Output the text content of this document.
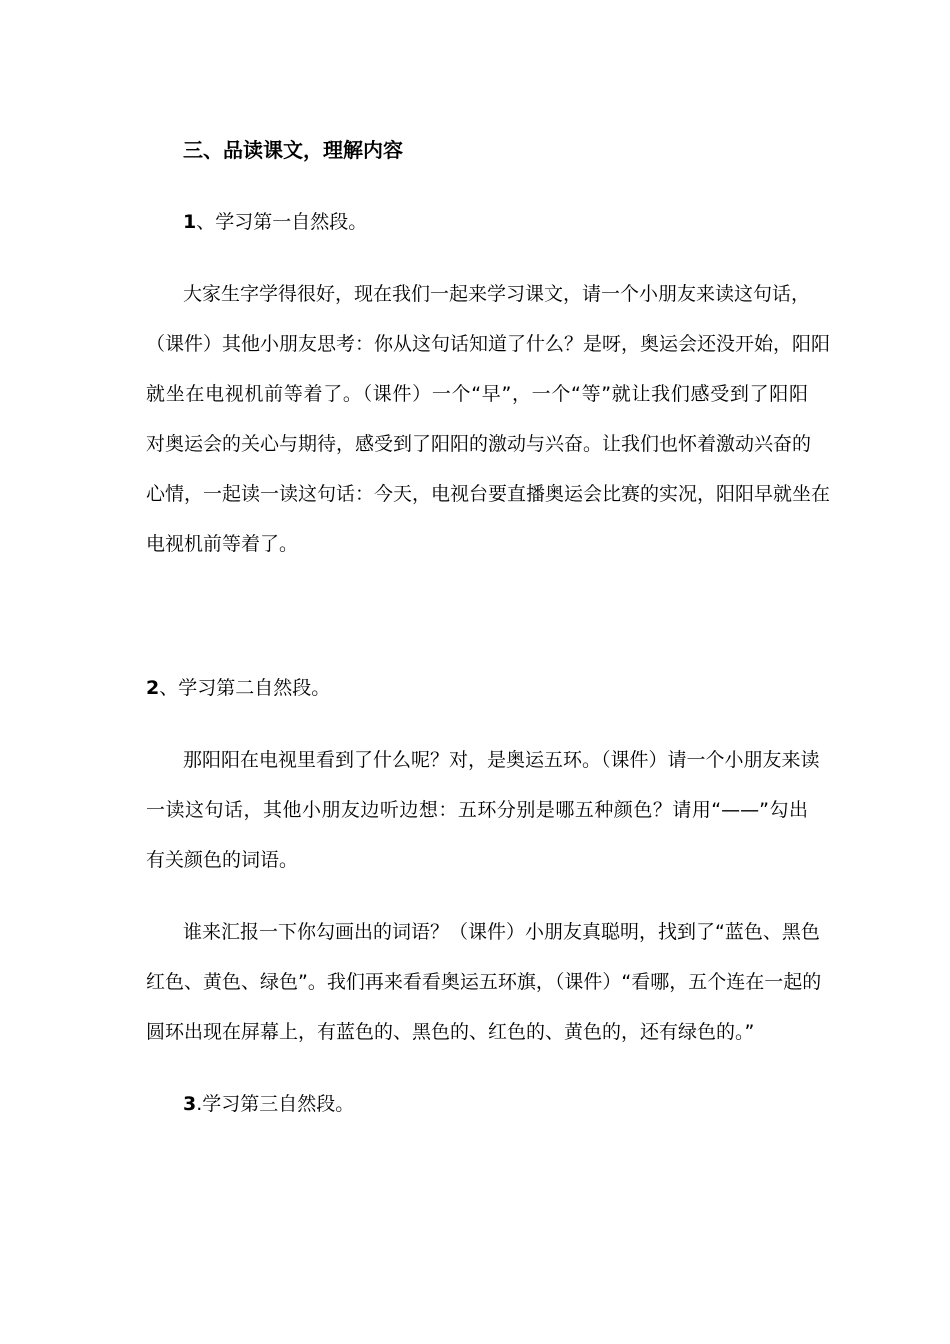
三、品读课文，理解内容
1、学习第一自然段。
大家生字学得很好，现在我们一起来学习课文，请一个小朋友来读这句话，
（课件）其他小朋友思考：你从这句话知道了什么？是呀，奥运会还没开始，阳阳
就坐在电视机前等着了。（课件）一个“早”，一个“等”就让我们感受到了阳阳
对奥运会的关心与期待，感受到了阳阳的激动与兴奋。让我们也怀着激动兴奋的
心情，一起读一读这句话：今天，电视台要直播奥运会比赛的实况，阳阳早就坐在
电视机前等着了。
2、学习第二自然段。
那阳阳在电视里看到了什么呢？对，是奥运五环。（课件）请一个小朋友来读
一读这句话，其他小朋友边听边想：五环分别是哪五种颜色？请用“——”勾出
有关颜色的词语。
谁来汇报一下你勾画出的词语？（课件）小朋友真聪明，找到了“蓝色、黑色
红色、黄色、绿色”。我们再来看看奥运五环旗，（课件）“看哪，五个连在一起的
圆环出现在屏幕上，有蓝色的、黑色的、红色的、黄色的，还有绿色的。”
3.学习第三自然段。
